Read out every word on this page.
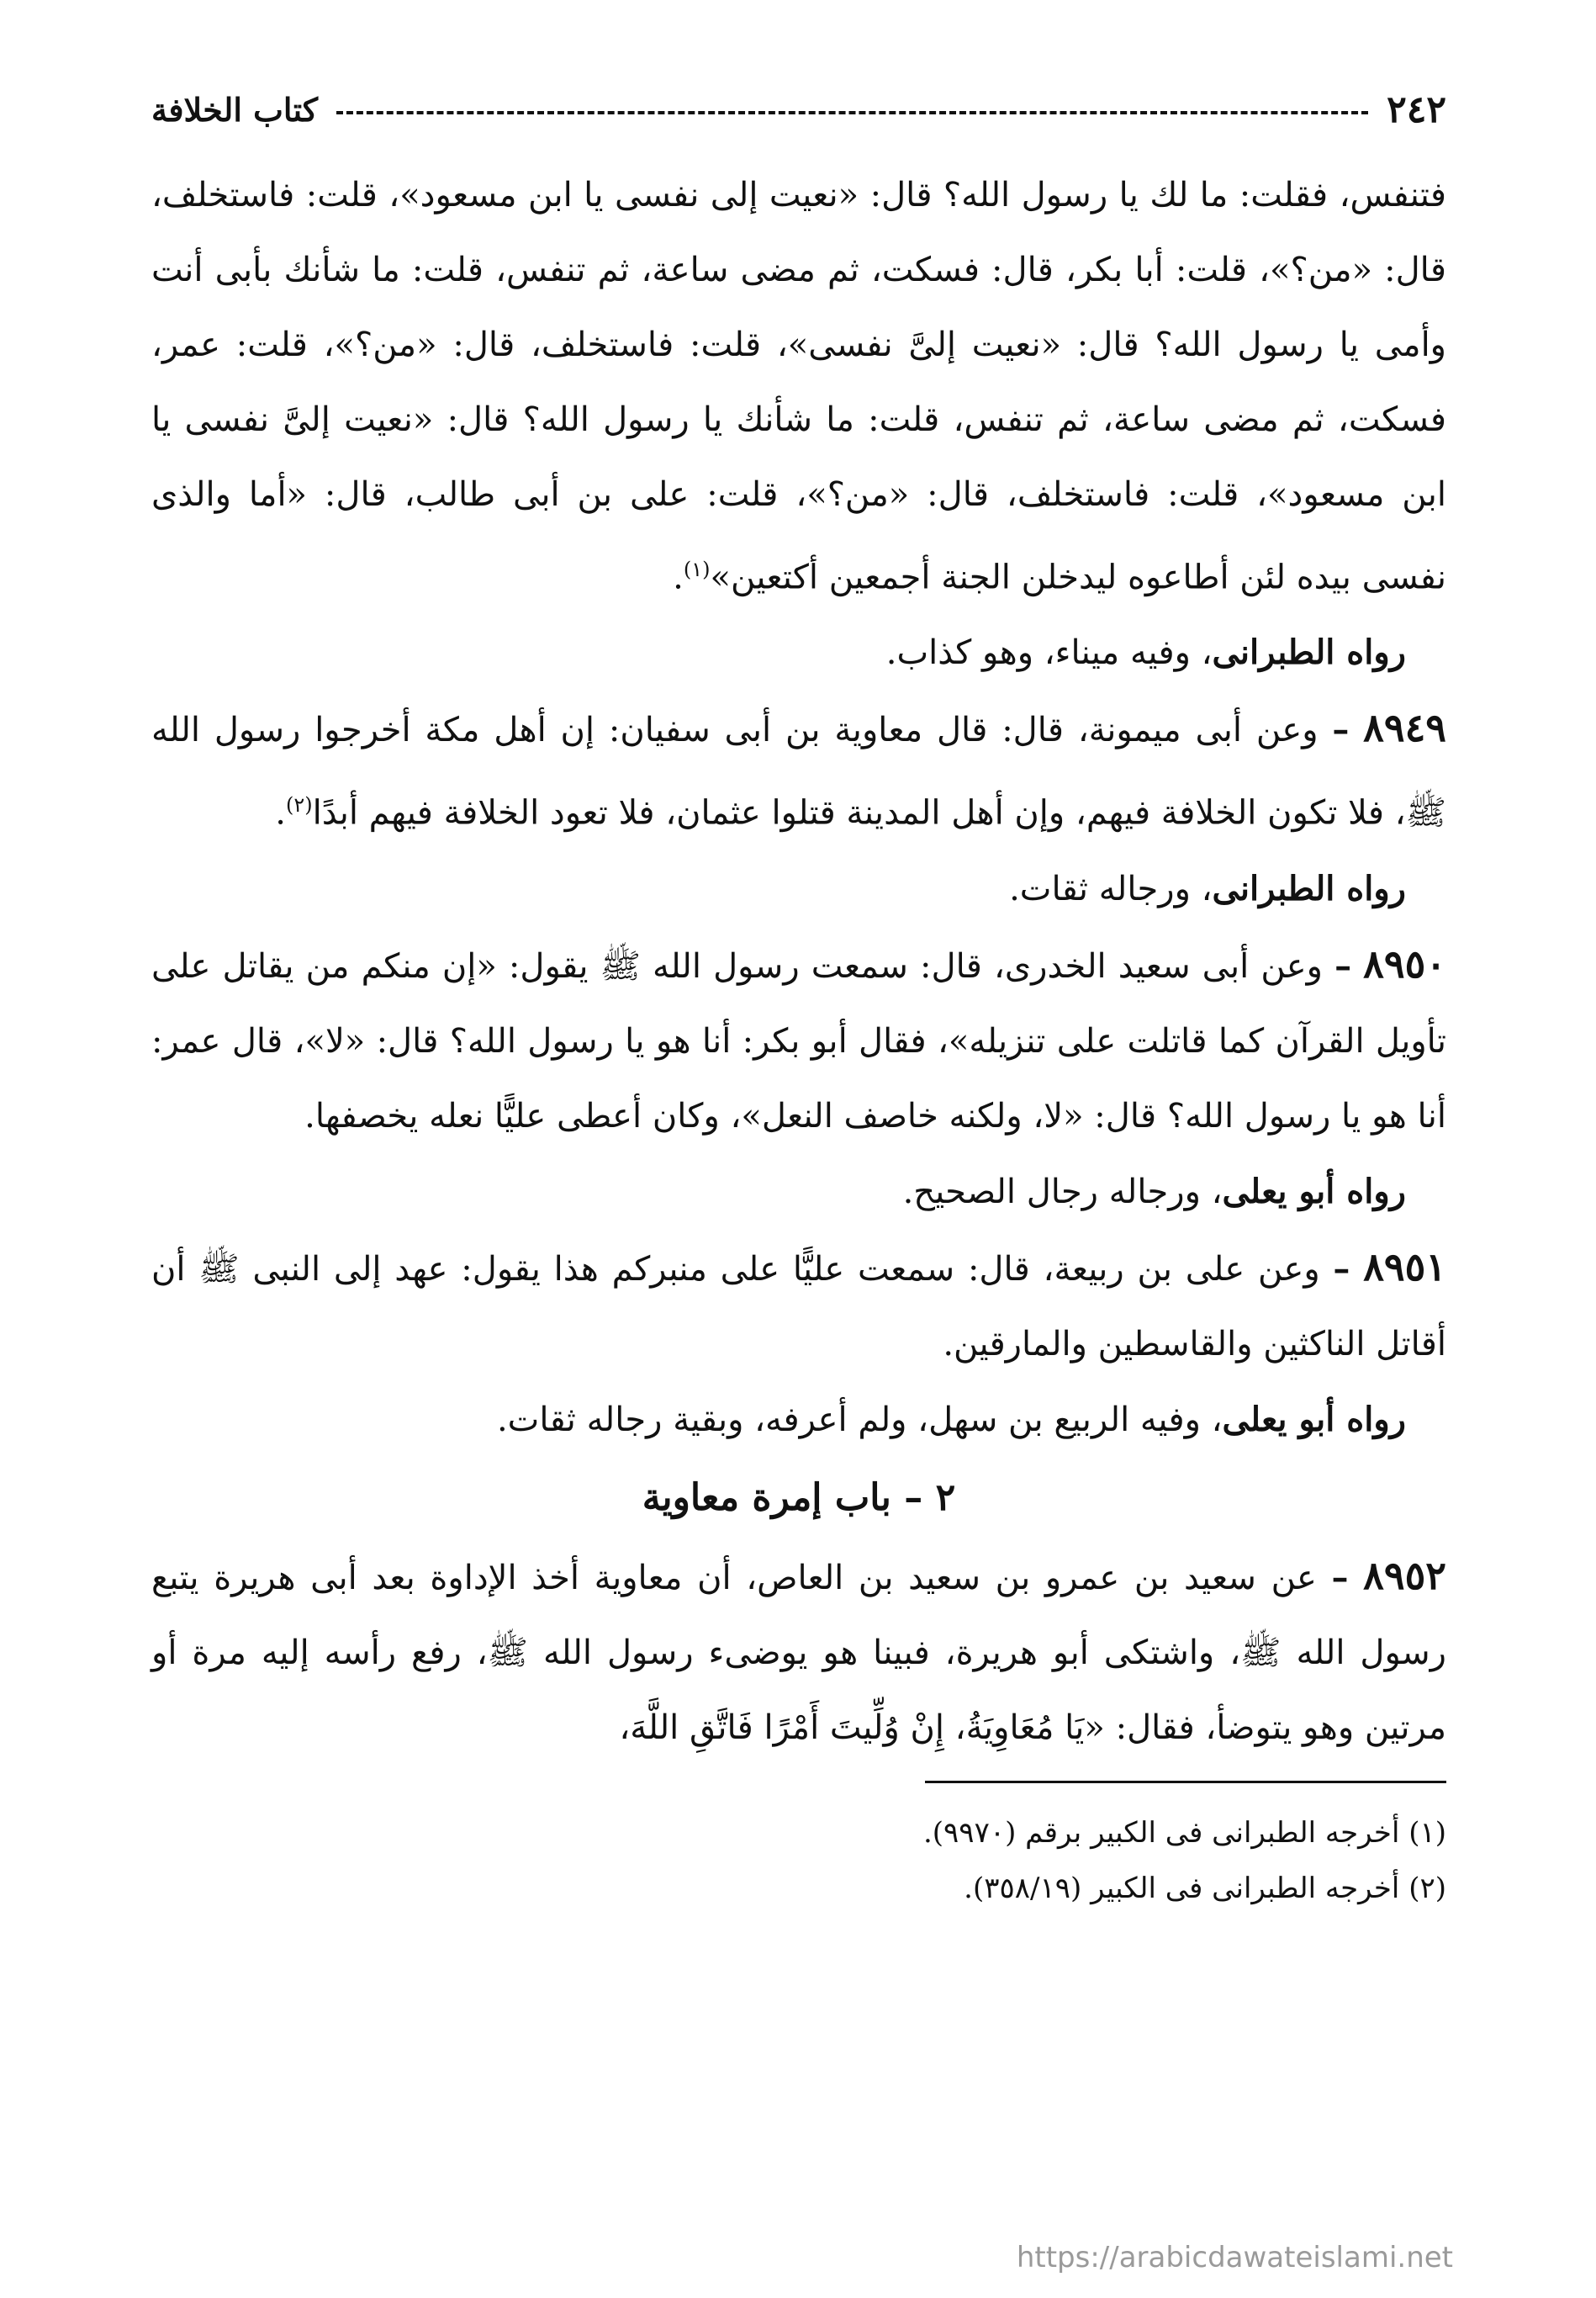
٢٤٢
كتاب الخلافة

فتنفس، فقلت: ما لك يا رسول الله؟ قال: «نعيت إلى نفسى يا ابن مسعود»، قلت: فاستخلف، قال: «من؟»، قلت: أبا بكر، قال: فسكت، ثم مضى ساعة، ثم تنفس، قلت: ما شأنك بأبى أنت وأمى يا رسول الله؟ قال: «نعيت إلىَّ نفسى»، قلت: فاستخلف، قال: «من؟»، قلت: عمر، فسكت، ثم مضى ساعة، ثم تنفس، قلت: ما شأنك يا رسول الله؟ قال: «نعيت إلىَّ نفسى يا ابن مسعود»، قلت: فاستخلف، قال: «من؟»، قلت: على بن أبى طالب، قال: «أما والذى نفسى بيده لئن أطاعوه ليدخلن الجنة أجمعين أكتعين»$^{(١)}$.

رواه الطبرانى، وفيه ميناء، وهو كذاب.

٨٩٤٩ – وعن أبى ميمونة، قال: قال معاوية بن أبى سفيان: إن أهل مكة أخرجوا رسول الله ﷺ، فلا تكون الخلافة فيهم، وإن أهل المدينة قتلوا عثمان، فلا تعود الخلافة فيهم أبدًا$^{(٢)}$.

رواه الطبرانى، ورجاله ثقات.

٨٩٥٠ – وعن أبى سعيد الخدرى، قال: سمعت رسول الله ﷺ يقول: «إن منكم من يقاتل على تأويل القرآن كما قاتلت على تنزيله»، فقال أبو بكر: أنا هو يا رسول الله؟ قال: «لا»، قال عمر: أنا هو يا رسول الله؟ قال: «لا، ولكنه خاصف النعل»، وكان أعطى عليًّا نعله يخصفها.

رواه أبو يعلى، ورجاله رجال الصحيح.

٨٩٥١ – وعن على بن ربيعة، قال: سمعت عليًّا على منبركم هذا يقول: عهد إلى النبى ﷺ أن أقاتل الناكثين والقاسطين والمارقين.

رواه أبو يعلى، وفيه الربيع بن سهل، ولم أعرفه، وبقية رجاله ثقات.

٢ – باب إمرة معاوية

٨٩٥٢ – عن سعيد بن عمرو بن سعيد بن العاص، أن معاوية أخذ الإداوة بعد أبى هريرة يتبع رسول الله ﷺ، واشتكى أبو هريرة، فبينا هو يوضىء رسول الله ﷺ، رفع رأسه إليه مرة أو مرتين وهو يتوضأ، فقال: «يَا مُعَاوِيَةُ، إِنْ وُلِّيتَ أَمْرًا فَاتَّقِ اللَّهَ،

(١) أخرجه الطبرانى فى الكبير برقم (٩٩٧٠).

(٢) أخرجه الطبرانى فى الكبير (٣٥٨/١٩).

https://arabicdawateislami.net
